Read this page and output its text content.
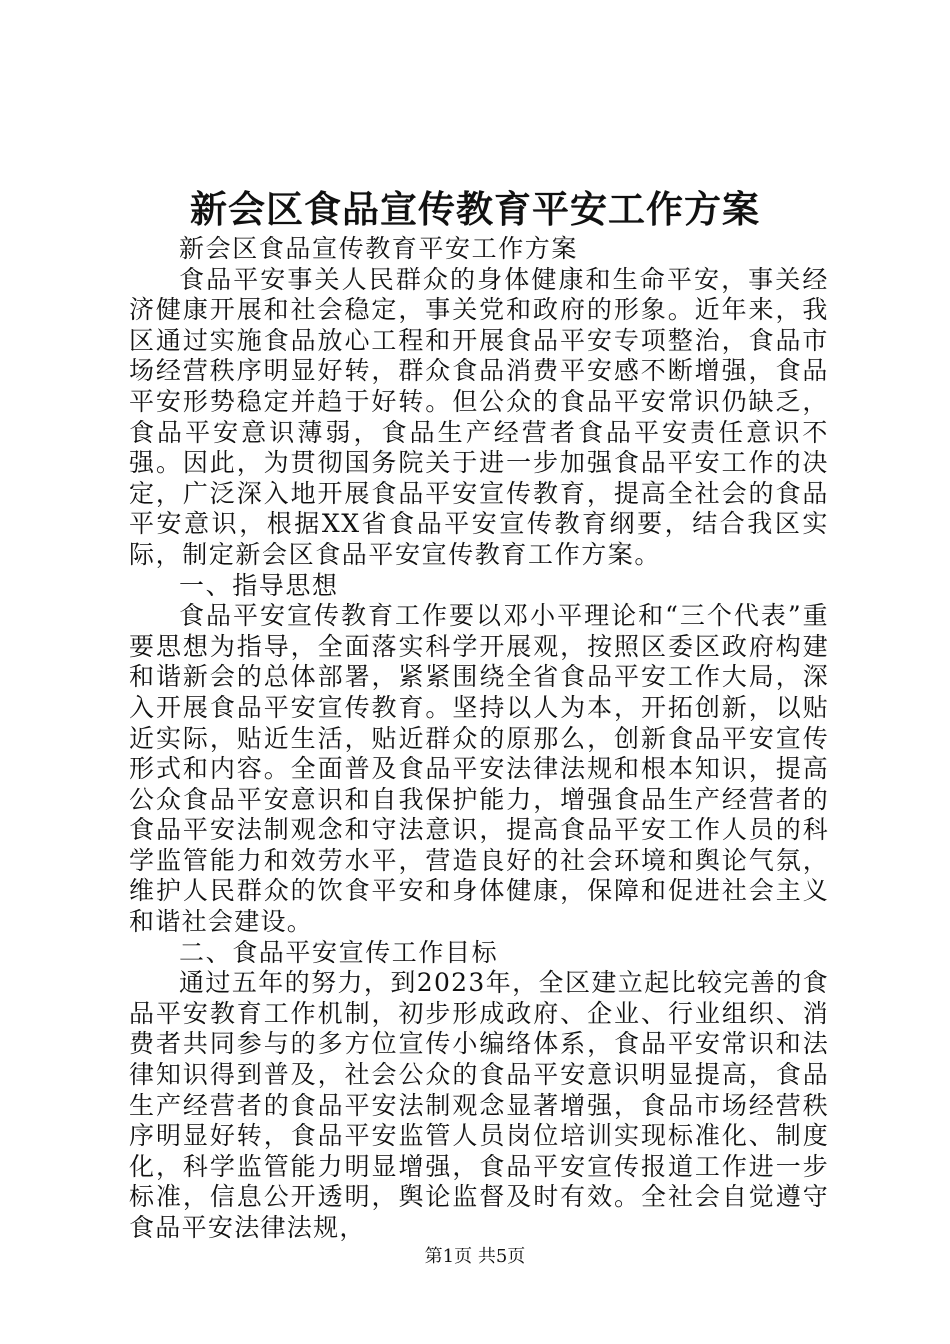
新会区食品宣传教育平安工作方案

新会区食品宣传教育平安工作方案

食品平安事关人民群众的身体健康和生命平安，事关经济健康开展和社会稳定，事关党和政府的形象。近年来，我区通过实施食品放心工程和开展食品平安专项整治，食品市场经营秩序明显好转，群众食品消费平安感不断增强，食品平安形势稳定并趋于好转。但公众的食品平安常识仍缺乏，食品平安意识薄弱，食品生产经营者食品平安责任意识不强。因此，为贯彻国务院关于进一步加强食品平安工作的决定，广泛深入地开展食品平安宣传教育，提高全社会的食品平安意识，根据XX省食品平安宣传教育纲要，结合我区实际，制定新会区食品平安宣传教育工作方案。

一、指导思想

食品平安宣传教育工作要以邓小平理论和“三个代表”重要思想为指导，全面落实科学开展观，按照区委区政府构建和谐新会的总体部署，紧紧围绕全省食品平安工作大局，深入开展食品平安宣传教育。坚持以人为本，开拓创新，以贴近实际，贴近生活，贴近群众的原那么，创新食品平安宣传形式和内容。全面普及食品平安法律法规和根本知识，提高公众食品平安意识和自我保护能力，增强食品生产经营者的食品平安法制观念和守法意识，提高食品平安工作人员的科学监管能力和效劳水平，营造良好的社会环境和舆论气氛，维护人民群众的饮食平安和身体健康，保障和促进社会主义和谐社会建设。

二、食品平安宣传工作目标

通过五年的努力，到2023年，全区建立起比较完善的食品平安教育工作机制，初步形成政府、企业、行业组织、消费者共同参与的多方位宣传小编络体系，食品平安常识和法律知识得到普及，社会公众的食品平安意识明显提高，食品生产经营者的食品平安法制观念显著增强，食品市场经营秩序明显好转，食品平安监管人员岗位培训实现标准化、制度化，科学监管能力明显增强，食品平安宣传报道工作进一步标准，信息公开透明，舆论监督及时有效。全社会自觉遵守食品平安法律法规，

第1页 共5页
